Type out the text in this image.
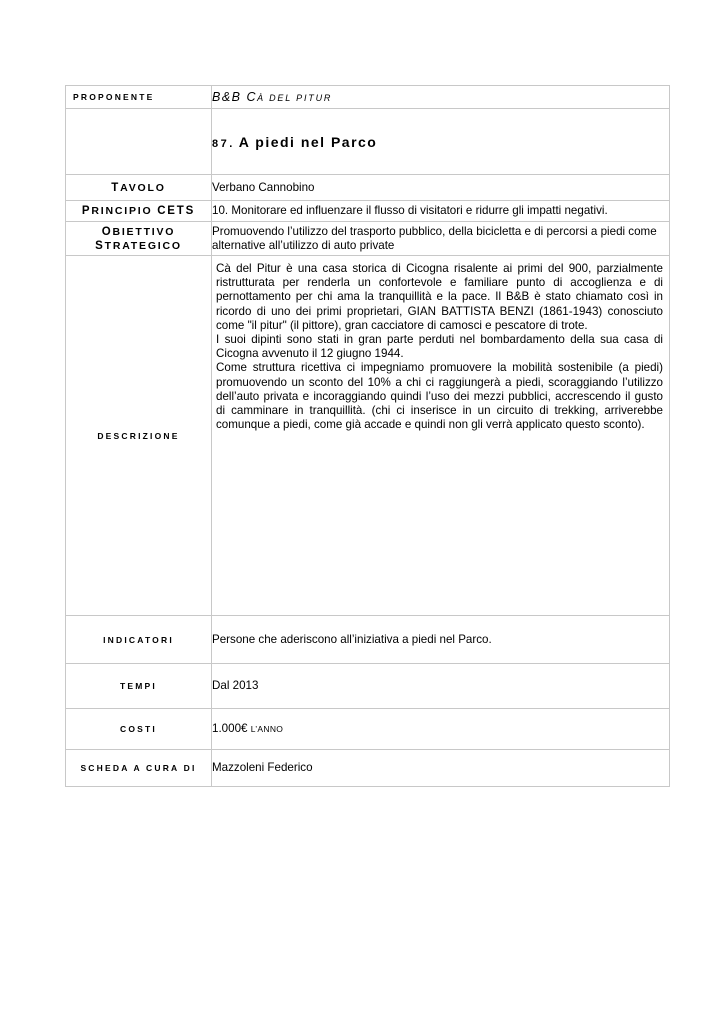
PROPONENTE	B&B CÀ DEL PITUR
	87. A piedi nel Parco
TAVOLO	Verbano Cannobino
PRINCIPIO CETS	10. Monitorare ed influenzare il flusso di visitatori e ridurre gli impatti negativi.

OBIETTIVO
STRATEGICO	Promuovendo l’utilizzo del trasporto pubblico, della bicicletta e di percorsi a piedi come alternative all’utilizzo di auto private
DESCRIZIONE	Cà del Pitur è una casa storica di Cicogna risalente ai primi del 900, parzialmente ristrutturata per renderla un confortevole e familiare punto di accoglienza e di pernottamento per chi ama la tranquillità e la pace. Il B&B è stato chiamato così in ricordo di uno dei primi proprietari, GIAN BATTISTA BENZI (1861-1943) conosciuto come "il pitur" (il pittore), gran cacciatore di camosci e pescatore di trote.

I suoi dipinti sono stati in gran parte perduti nel bombardamento della sua casa di Cicogna avvenuto il 12 giugno 1944.

Come struttura ricettiva ci impegniamo promuovere la mobilità sostenibile (a piedi) promuovendo un sconto del 10% a chi ci raggiungerà a piedi, scoraggiando l’utilizzo dell’auto privata e incoraggiando quindi l’uso dei mezzi pubblici, accrescendo il gusto di camminare in tranquillità. (chi ci inserisce in un circuito di trekking, arriverebbe comunque a piedi, come già accade e quindi non gli verrà applicato questo sconto).

INDICATORI	Persone che aderiscono all’iniziativa a piedi nel Parco.
TEMPI	Dal 2013
COSTI	1.000€ L’ANNO
SCHEDA A CURA DI	Mazzoleni Federico
